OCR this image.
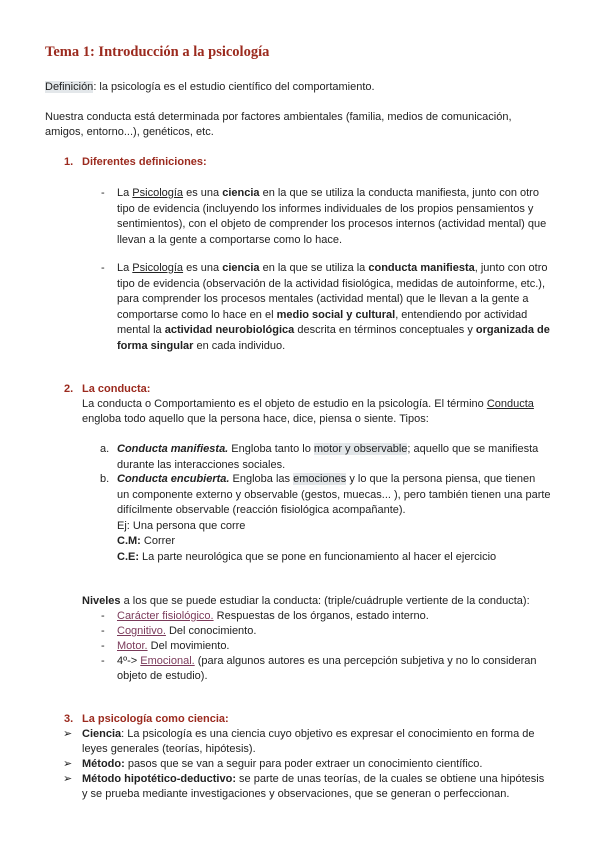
Tema 1: Introducción a la psicología
Definición: la psicología es el estudio científico del comportamiento.
Nuestra conducta está determinada por factores ambientales (familia, medios de comunicación,
amigos, entorno...), genéticos, etc.
1. Diferentes definiciones:
- La Psicología es una ciencia en la que se utiliza la conducta manifiesta, junto con otro
tipo de evidencia (incluyendo los informes individuales de los propios pensamientos y
sentimientos), con el objeto de comprender los procesos internos (actividad mental) que
llevan a la gente a comportarse como lo hace.
- La Psicología es una ciencia en la que se utiliza la conducta manifiesta, junto con otro
tipo de evidencia (observación de la actividad fisiológica, medidas de autoinforme, etc.),
para comprender los procesos mentales (actividad mental) que le llevan a la gente a
comportarse como lo hace en el medio social y cultural, entendiendo por actividad
mental la actividad neurobiológica descrita en términos conceptuales y organizada de
forma singular en cada individuo.
2. La conducta:
La conducta o Comportamiento es el objeto de estudio en la psicología. El término Conducta
engloba todo aquello que la persona hace, dice, piensa o siente. Tipos:
a. Conducta manifiesta. Engloba tanto lo motor y observable; aquello que se manifiesta
durante las interacciones sociales.
b. Conducta encubierta. Engloba las emociones y lo que la persona piensa, que tienen
un componente externo y observable (gestos, muecas... ), pero también tienen una parte
difícilmente observable (reacción fisiológica acompañante).
Ej: Una persona que corre
C.M: Correr
C.E: La parte neurológica que se pone en funcionamiento al hacer el ejercicio
Niveles a los que se puede estudiar la conducta: (triple/cuádruple vertiente de la conducta):
- Carácter fisiológico. Respuestas de los órganos, estado interno.
- Cognitivo. Del conocimiento.
- Motor. Del movimiento.
- 4º-> Emocional. (para algunos autores es una percepción subjetiva y no lo consideran
objeto de estudio).
3. La psicología como ciencia:
➢ Ciencia: La psicología es una ciencia cuyo objetivo es expresar el conocimiento en forma de
leyes generales (teorías, hipótesis).
➢ Método: pasos que se van a seguir para poder extraer un conocimiento científico.
➢ Método hipotético-deductivo: se parte de unas teorías, de la cuales se obtiene una hipótesis
y se prueba mediante investigaciones y observaciones, que se generan o perfeccionan.
